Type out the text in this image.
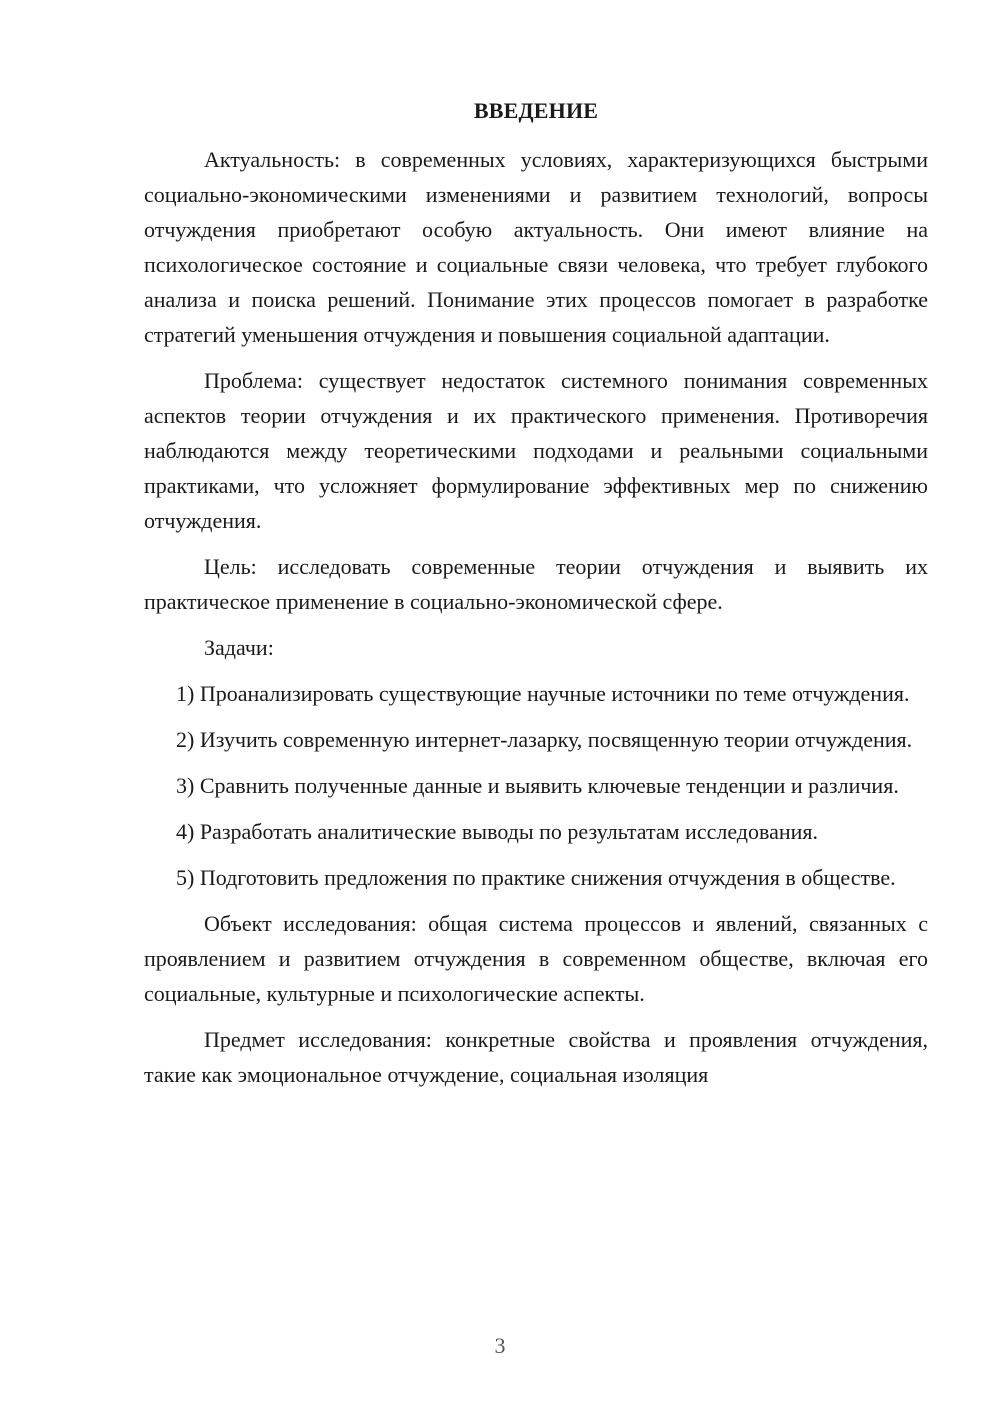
ВВЕДЕНИЕ

Актуальность: в современных условиях, характеризующихся быстрыми социально-экономическими изменениями и развитием технологий, вопросы отчуждения приобретают особую актуальность. Они имеют влияние на психологическое состояние и социальные связи человека, что требует глубокого анализа и поиска решений. Понимание этих процессов помогает в разработке стратегий уменьшения отчуждения и повышения социальной адаптации.

Проблема: существует недостаток системного понимания современных аспектов теории отчуждения и их практического применения. Противоречия наблюдаются между теоретическими подходами и реальными социальными практиками, что усложняет формулирование эффективных мер по снижению отчуждения.

Цель: исследовать современные теории отчуждения и выявить их практическое применение в социально-экономической сфере.

Задачи:

1) Проанализировать существующие научные источники по теме отчуждения.

2) Изучить современную интернет-лазарку, посвященную теории отчуждения.

3) Сравнить полученные данные и выявить ключевые тенденции и различия.

4) Разработать аналитические выводы по результатам исследования.

5) Подготовить предложения по практике снижения отчуждения в обществе.

Объект исследования: общая система процессов и явлений, связанных с проявлением и развитием отчуждения в современном обществе, включая его социальные, культурные и психологические аспекты.

Предмет исследования: конкретные свойства и проявления отчуждения, такие как эмоциональное отчуждение, социальная изоляция

3
